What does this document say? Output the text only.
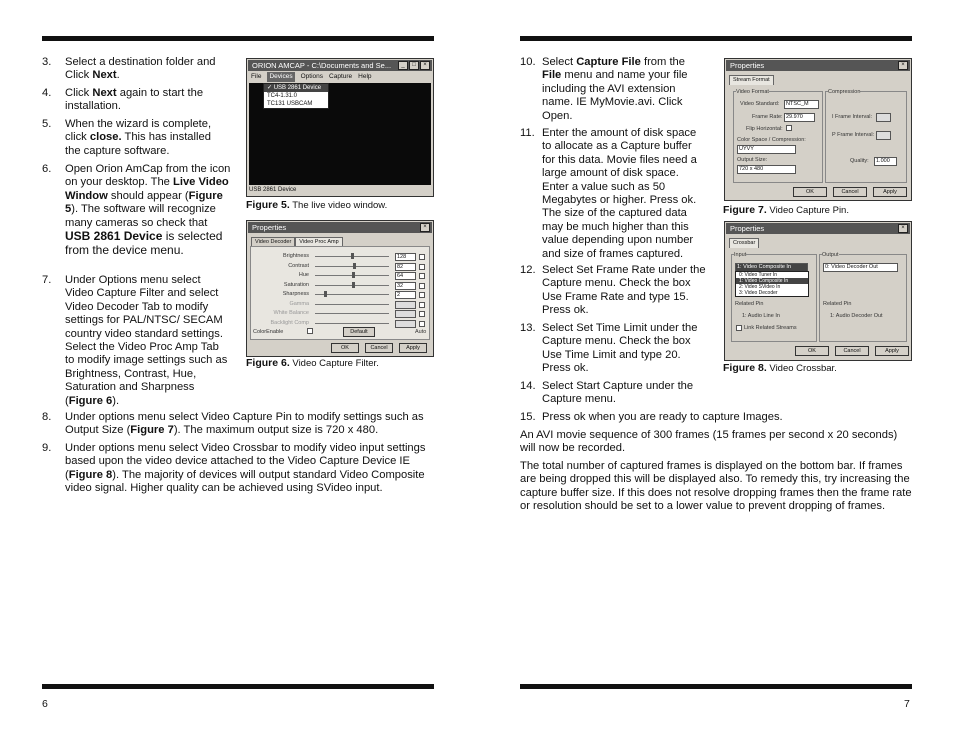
3. Select a destination folder and Click Next.
4. Click Next again to start the installation.
5. When the wizard is complete, click close. This has installed the capture software.
6. Open Orion AmCap from the icon on your desktop. The Live Video Window should appear (Figure 5). The software will recognize many cameras so check that USB 2861 Device is selected from the device menu.
7. Under Options menu select Video Capture Filter and select Video Decoder Tab to modify settings for PAL/NTSC/ SECAM country video standard settings. Select the Video Proc Amp Tab to modify image settings such as Brightness, Contrast, Hue, Saturation and Sharpness (Figure 6).
8. Under options menu select Video Capture Pin to modify settings such as Output Size (Figure 7). The maximum output size is 720 x 480.
9. Under options menu select Video Crossbar to modify video input settings based upon the video device attached to the Video Capture Device IE (Figure 8). The majority of devices will output standard Video Composite video signal. Higher quality can be achieved using SVideo input.
ORION AMCAP - C:\Documents and Se...	_	□	×
File	Devices	Options Capture Help
✓ USB 2861 Device
TC4-1.31.0
TC131 USBCAM
USB 2861 Device
Figure 5. The live video window.
Properties	×
Video Decoder	Video Proc Amp
ColorEnable	Default	Auto
Brightness	128
Contrast	82
Hue	64
Saturation	32
Sharpness	2
Gamma
White Balance
Backlight Comp
OK	Cancel	Apply
Figure 6. Video Capture Filter.
10. Select Capture File from the File menu and name your file including the AVI extension name. IE MyMovie.avi. Click Open.
11. Enter the amount of disk space to allocate as a Capture buffer for this data. Movie files need a large amount of disk space. Enter a value such as 50 Megabytes or higher. Press ok. The size of the captured data may be much higher than this value depending upon number and size of frames captured.
12. Select Set Frame Rate under the Capture menu. Check the box Use Frame Rate and type 15. Press ok.
13. Select Set Time Limit under the Capture menu. Check the box Use Time Limit and type 20. Press ok.
14. Select Start Capture under the Capture menu.
15. Press ok when you are ready to capture Images.
An AVI movie sequence of 300 frames (15 frames per second x 20 seconds) will now be recorded.
The total number of captured frames is displayed on the bottom bar. If frames are being dropped this will be displayed also. To remedy this, try increasing the capture buffer size. If this does not resolve dropping frames then the frame rate or resolution should be set to a lower value to prevent dropping of frames.
Properties	×
Stream Format
Video Format
Video Standard:	NTSC_M
Frame Rate: 29.970
Flip Horizontal:
Color Space / Compression:
UYVY
Output Size:
720 x 480
Compression
I Frame Interval:
P Frame Interval:
Quality:	1.000
OK	Cancel	Apply
Figure 7. Video Capture Pin.
Properties	×
Crossbar
Input
1: Video Composite In
0: Video Tuner In
1: Video Composite In
2: Video SVideo In
3: Video Decoder
Related Pin
1: Audio Line In
Link Related Streams
Output
0: Video Decoder Out
Related Pin
1: Audio Decoder Out
OK	Cancel	Apply
Figure 8. Video Crossbar.
6	7
